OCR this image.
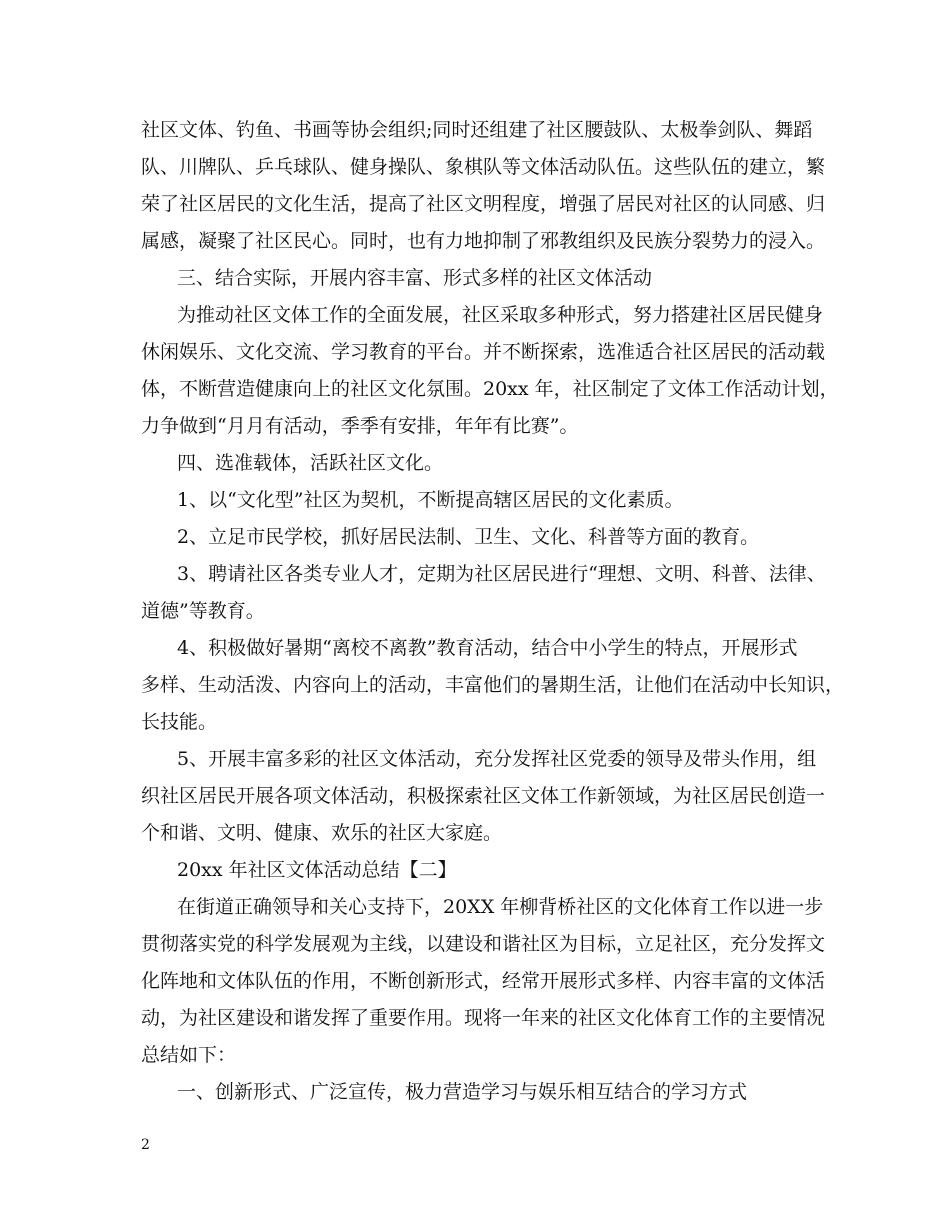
社区文体、钓鱼、书画等协会组织;同时还组建了社区腰鼓队、太极拳剑队、舞蹈

队、川牌队、乒乓球队、健身操队、象棋队等文体活动队伍。这些队伍的建立，繁

荣了社区居民的文化生活，提高了社区文明程度，增强了居民对社区的认同感、归

属感，凝聚了社区民心。同时，也有力地抑制了邪教组织及民族分裂势力的浸入。

三、结合实际，开展内容丰富、形式多样的社区文体活动

为推动社区文体工作的全面发展，社区采取多种形式，努力搭建社区居民健身

休闲娱乐、文化交流、学习教育的平台。并不断探索，选准适合社区居民的活动载

体，不断营造健康向上的社区文化氛围。20xx 年，社区制定了文体工作活动计划，

力争做到“月月有活动，季季有安排，年年有比赛”。

四、选准载体，活跃社区文化。

1、以“文化型”社区为契机，不断提高辖区居民的文化素质。

2、立足市民学校，抓好居民法制、卫生、文化、科普等方面的教育。

3、聘请社区各类专业人才，定期为社区居民进行“理想、文明、科普、法律、

道德”等教育。

4、积极做好暑期“离校不离教”教育活动，结合中小学生的特点，开展形式

多样、生动活泼、内容向上的活动，丰富他们的暑期生活，让他们在活动中长知识，

长技能。

5、开展丰富多彩的社区文体活动，充分发挥社区党委的领导及带头作用，组

织社区居民开展各项文体活动，积极探索社区文体工作新领域，为社区居民创造一

个和谐、文明、健康、欢乐的社区大家庭。

20xx 年社区文体活动总结【二】

在街道正确领导和关心支持下，20XX 年柳背桥社区的文化体育工作以进一步

贯彻落实党的科学发展观为主线，以建设和谐社区为目标，立足社区，充分发挥文

化阵地和文体队伍的作用，不断创新形式，经常开展形式多样、内容丰富的文体活

动，为社区建设和谐发挥了重要作用。现将一年来的社区文化体育工作的主要情况

总结如下：

一、创新形式、广泛宣传，极力营造学习与娱乐相互结合的学习方式

2
